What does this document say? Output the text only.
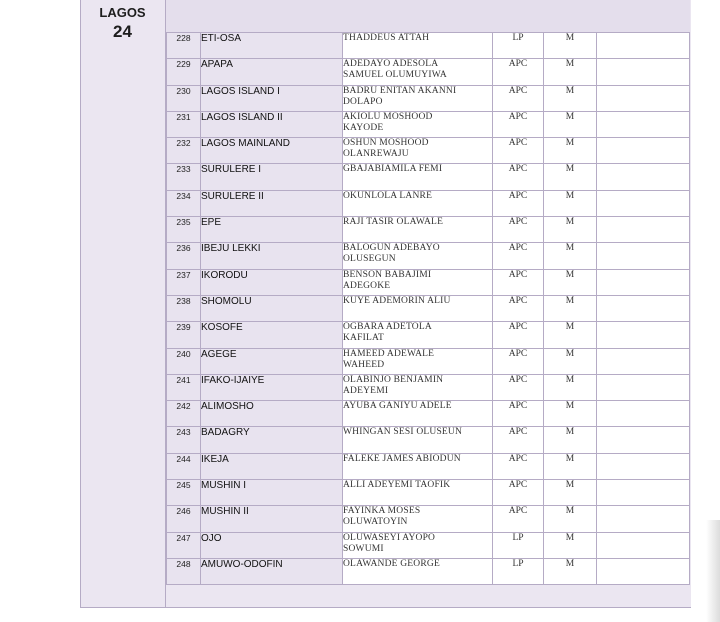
LAGOS
24	228	ETI-OSA	THADDEUS ATTAH	LP	M	
229	APAPA	ADEDAYO ADESOLA
SAMUEL OLUMUYIWA	APC	M	
230	LAGOS ISLAND I	BADRU ENITAN AKANNI
DOLAPO	APC	M	
231	LAGOS ISLAND II	AKIOLU MOSHOOD
KAYODE	APC	M	
232	LAGOS MAINLAND	OSHUN MOSHOOD
OLANREWAJU	APC	M	
233	SURULERE I	GBAJABIAMILA FEMI	APC	M	
234	SURULERE II	OKUNLOLA LANRE	APC	M	
235	EPE	RAJI TASIR OLAWALE	APC	M	
236	IBEJU LEKKI	BALOGUN ADEBAYO
OLUSEGUN	APC	M	
237	IKORODU	BENSON BABAJIMI
ADEGOKE	APC	M	
238	SHOMOLU	KUYE ADEMORIN ALIU	APC	M	
239	KOSOFE	OGBARA ADETOLA
KAFILAT	APC	M	
240	AGEGE	HAMEED ADEWALE
WAHEED	APC	M	
241	IFAKO-IJAIYE	OLABINJO BENJAMIN
ADEYEMI	APC	M	
242	ALIMOSHO	AYUBA GANIYU ADELE	APC	M	
243	BADAGRY	WHINGAN SESI OLUSEUN	APC	M	
244	IKEJA	FALEKE JAMES ABIODUN	APC	M	
245	MUSHIN I	ALLI ADEYEMI TAOFIK	APC	M	
246	MUSHIN II	FAYINKA MOSES
OLUWATOYIN	APC	M	
247	OJO	OLUWASEYI AYOPO
SOWUMI	LP	M	
248	AMUWO-ODOFIN	OLAWANDE GEORGE	LP	M	
